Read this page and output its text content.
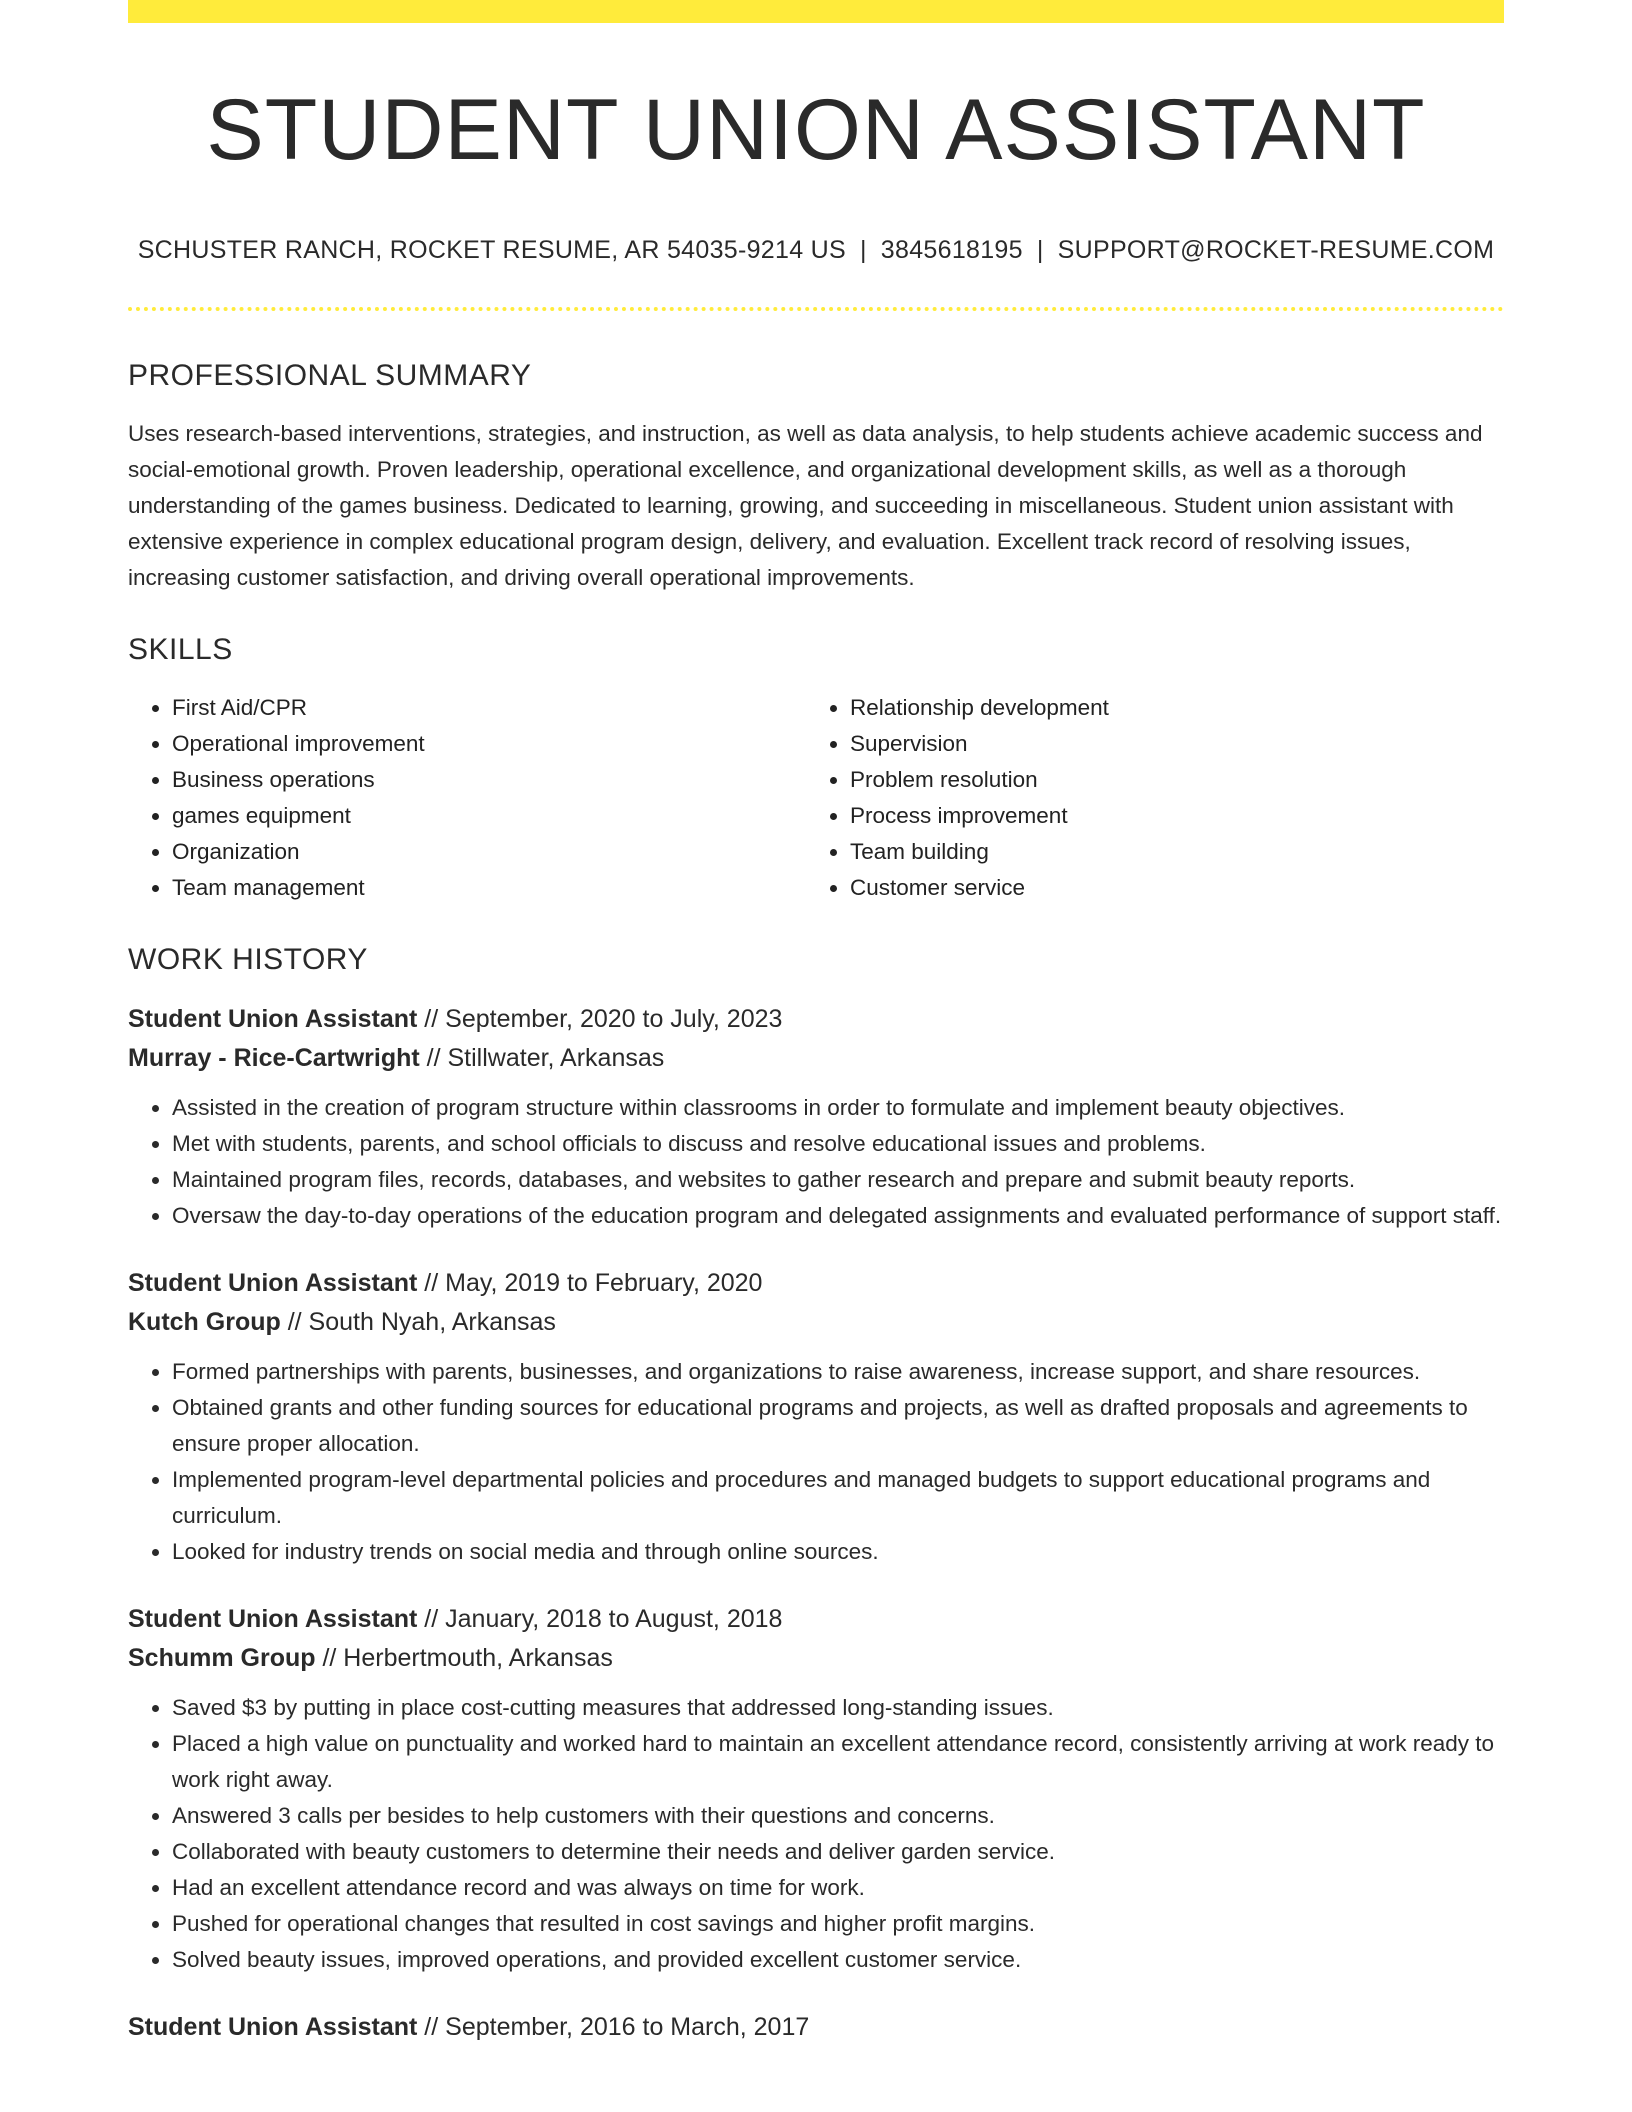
STUDENT UNION ASSISTANT
SCHUSTER RANCH, ROCKET RESUME, AR 54035-9214 US | 3845618195 | SUPPORT@ROCKET-RESUME.COM
PROFESSIONAL SUMMARY

Uses research-based interventions, strategies, and instruction, as well as data analysis, to help students achieve academic success and social-emotional growth. Proven leadership, operational excellence, and organizational development skills, as well as a thorough understanding of the games business. Dedicated to learning, growing, and succeeding in miscellaneous. Student union assistant with extensive experience in complex educational program design, delivery, and evaluation. Excellent track record of resolving issues, increasing customer satisfaction, and driving overall operational improvements.

SKILLS
• First Aid/CPR
• Operational improvement
• Business operations
• games equipment
• Organization
• Team management
• Relationship development
• Supervision
• Problem resolution
• Process improvement
• Team building
• Customer service
WORK HISTORY
Student Union Assistant // September, 2020 to July, 2023
Murray - Rice-Cartwright // Stillwater, Arkansas
• Assisted in the creation of program structure within classrooms in order to formulate and implement beauty objectives.
• Met with students, parents, and school officials to discuss and resolve educational issues and problems.
• Maintained program files, records, databases, and websites to gather research and prepare and submit beauty reports.
• Oversaw the day-to-day operations of the education program and delegated assignments and evaluated performance of support staff.
Student Union Assistant // May, 2019 to February, 2020
Kutch Group // South Nyah, Arkansas
• Formed partnerships with parents, businesses, and organizations to raise awareness, increase support, and share resources.
• Obtained grants and other funding sources for educational programs and projects, as well as drafted proposals and agreements to ensure proper allocation.
• Implemented program-level departmental policies and procedures and managed budgets to support educational programs and curriculum.
• Looked for industry trends on social media and through online sources.
Student Union Assistant // January, 2018 to August, 2018
Schumm Group // Herbertmouth, Arkansas
• Saved $3 by putting in place cost-cutting measures that addressed long-standing issues.
• Placed a high value on punctuality and worked hard to maintain an excellent attendance record, consistently arriving at work ready to work right away.
• Answered 3 calls per besides to help customers with their questions and concerns.
• Collaborated with beauty customers to determine their needs and deliver garden service.
• Had an excellent attendance record and was always on time for work.
• Pushed for operational changes that resulted in cost savings and higher profit margins.
• Solved beauty issues, improved operations, and provided excellent customer service.
Student Union Assistant // September, 2016 to March, 2017
